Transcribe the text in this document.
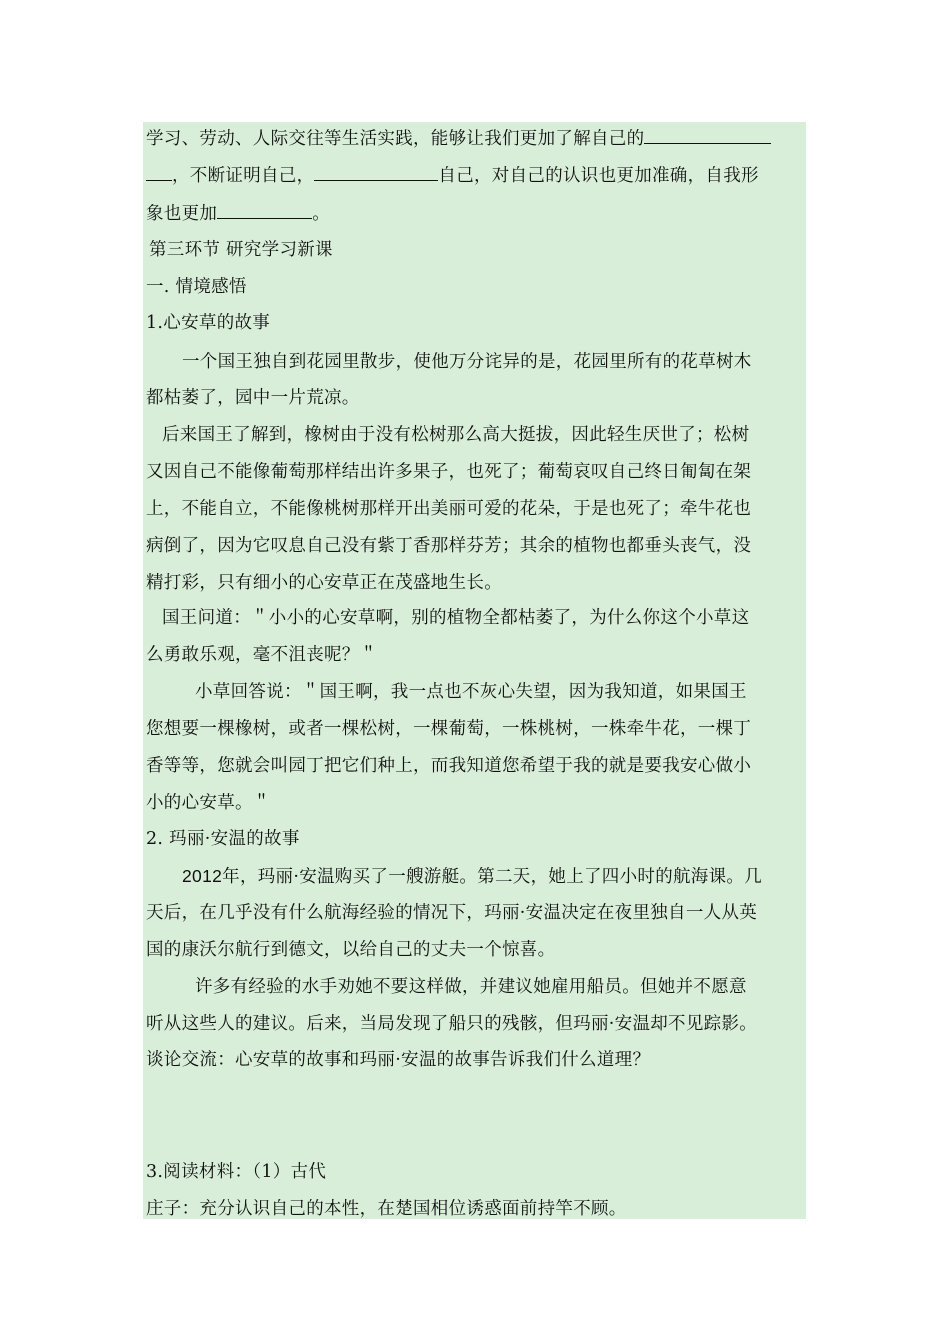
学习、劳动、人际交往等生活实践，能够让我们更加了解自己的
，不断证明自己，	自己，对自己的认识也更加准确，自我形
象也更加	。
第三环节 研究学习新课
一. 情境感悟
1.心安草的故事
一个国王独自到花园里散步，使他万分诧异的是，花园里所有的花草树木
都枯萎了，园中一片荒凉。
后来国王了解到，橡树由于没有松树那么高大挺拔，因此轻生厌世了；松树
又因自己不能像葡萄那样结出许多果子，也死了；葡萄哀叹自己终日匍匐在架
上，不能自立，不能像桃树那样开出美丽可爱的花朵，于是也死了；牵牛花也
病倒了，因为它叹息自己没有紫丁香那样芬芳；其余的植物也都垂头丧气，没
精打彩，只有细小的心安草正在茂盛地生长。
国王问道：＂小小的心安草啊，别的植物全都枯萎了，为什么你这个小草这
么勇敢乐观，毫不沮丧呢？＂
小草回答说：＂国王啊，我一点也不灰心失望，因为我知道，如果国王
您想要一棵橡树，或者一棵松树，一棵葡萄，一株桃树，一株牵牛花，一棵丁
香等等，您就会叫园丁把它们种上，而我知道您希望于我的就是要我安心做小
小的心安草。＂
2. 玛丽·安温的故事
2012年，玛丽·安温购买了一艘游艇。第二天，她上了四小时的航海课。几
天后，在几乎没有什么航海经验的情况下，玛丽·安温决定在夜里独自一人从英
国的康沃尔航行到德文，以给自己的丈夫一个惊喜。
许多有经验的水手劝她不要这样做，并建议她雇用船员。但她并不愿意
听从这些人的建议。后来，当局发现了船只的残骸，但玛丽·安温却不见踪影。
谈论交流：心安草的故事和玛丽·安温的故事告诉我们什么道理？
3.阅读材料：（1）古代
庄子：充分认识自己的本性，在楚国相位诱惑面前持竿不顾。
